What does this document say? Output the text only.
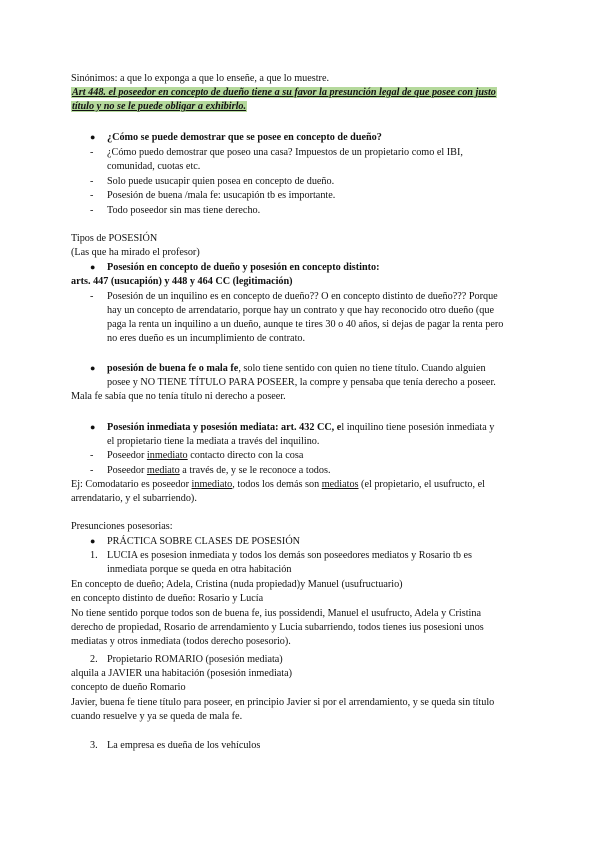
Sinónimos: a que lo exponga a que lo enseñe, a que lo muestre.
Art 448. el poseedor en concepto de dueño tiene a su favor la presunción legal de que posee con justo
título y no se le puede obligar a exhibirlo.
● ¿Cómo se puede demostrar que se posee en concepto de dueño?
- ¿Cómo puedo demostrar que poseo una casa? Impuestos de un propietario como el IBI,
comunidad, cuotas etc.
- Solo puede usucapir quien posea en concepto de dueño.
- Posesión de buena /mala fe: usucapión tb es importante.
- Todo poseedor sin mas tiene derecho.
Tipos de POSESIÓN
(Las que ha mirado el profesor)
● Posesión en concepto de dueño y posesión en concepto distinto:
arts. 447 (usucapión) y 448 y 464 CC (legitimación)
- Posesión de un inquilino es en concepto de dueño?? O en concepto distinto de dueño??? Porque
hay un concepto de arrendatario, porque hay un contrato y que hay reconocido otro dueño (que
paga la renta un inquilino a un dueño, aunque te tires 30 o 40 años, si dejas de pagar la renta pero
no eres dueño es un incumplimiento de contrato.
● posesión de buena fe o mala fe, solo tiene sentido con quien no tiene título. Cuando alguien
posee y NO TIENE TÍTULO PARA POSEER, la compre y pensaba que tenía derecho a poseer.
Mala fe sabía que no tenía título ni derecho a poseer.
● Posesión inmediata y posesión mediata: art. 432 CC, el inquilino tiene posesión inmediata y
el propietario tiene la mediata a través del inquilino.
- Poseedor inmediato contacto directo con la cosa
- Poseedor mediato a través de, y se le reconoce a todos.
Ej: Comodatario es poseedor inmediato, todos los demás son mediatos (el propietario, el usufructo, el
arrendatario, y el subarriendo).
Presunciones posesorias:
● PRÁCTICA SOBRE CLASES DE POSESIÓN
1. LUCIA es posesion inmediata y todos los demás son poseedores mediatos y Rosario tb es
inmediata porque se queda en otra habitación
En concepto de dueño; Adela, Cristina (nuda propiedad)y Manuel (usufructuario)
en concepto distinto de dueño: Rosario y Lucía
No tiene sentido porque todos son de buena fe, ius possidendi, Manuel el usufructo, Adela y Cristina
derecho de propiedad, Rosario de arrendamiento y Lucia subarriendo, todos tienes ius posesioni unos
mediatas y otros inmediata (todos derecho posesorio).
2. Propietario ROMARIO (posesión mediata)
alquila a JAVIER una habitación (posesión inmediata)
concepto de dueño Romario
Javier, buena fe tiene título para poseer, en principio Javier si por el arrendamiento, y se queda sin título
cuando resuelve y ya se queda de mala fe.
3. La empresa es dueña de los vehículos
